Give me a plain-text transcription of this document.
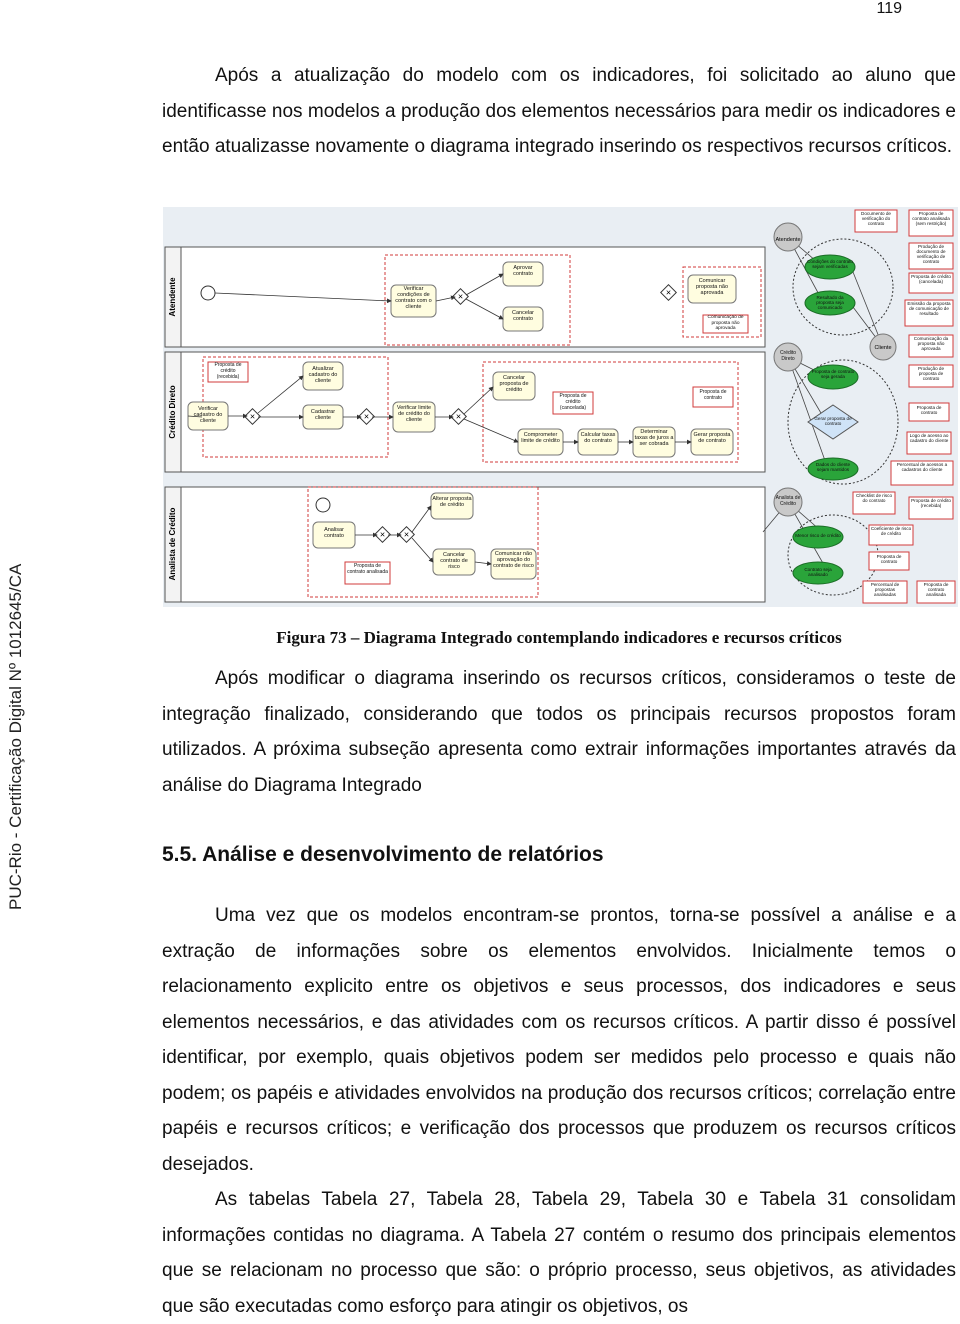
119
PUC-Rio - Certificação Digital Nº 1012645/CA

Após a atualização do modelo com os indicadores, foi solicitado ao aluno que identificasse nos modelos a produção dos elementos necessários para medir os indicadores e então atualizasse novamente o diagrama integrado inserindo os respectivos recursos críticos.

Atendente
Crédito Direto
Analista de Crédito
Verificar condições de contrato com o cliente
×
Aprovar contrato
Cancelar contrato
×
Comunicar proposta não aprovada
Comunicação de proposta não aprovada
Proposta de crédito (recebida)
Verificar cadastro do cliente	×
Atualizar cadastro do cliente
Cadastrar cliente	×
Verificar limite de crédito do cliente	×
Cancelar proposta de crédito
Proposta de crédito (cancelada)
Proposta de contrato
Comprometer limite de crédito
Calcular taxas do contrato
Determinar taxas de juros a ser cobrada
Gerar proposta de contrato
Analisar contrato	× ×
Alterar proposta de crédito
Cancelar contrato de risco
Comunicar não aprovação do contrato de risco
Proposta de contrato analisada
Atendente
Cliente
Crédito Direto
Analista de Crédito
Condições do contrato sejam verificadas
Resultado da proposta seja comunicado
Proposta de contrato seja gerada
Gerar proposta de contrato
Dados do cliente sejam mantidos
Menor risco de crédito
Contrato seja analisado
Documento de verificação do contrato
Proposta de contrato analisada (sem restrição)
Produção de documento de verificação de contrato
Proposta de crédito (cancelada)
Emissão da proposta de comunicação de resultado
Comunicação da proposta não aprovada
Produção de proposta de contrato
Proposta de contrato
Logo de acesso ao cadastro do cliente
Percentual de acessos a cadastros do cliente
Checklist de risco do contrato	Proposta de crédito (recebida)
Coeficiente de risco de crédito
Proposta de contrato
Percentual de propostas analisadas
Proposta de contrato analisada
Figura 73 – Diagrama Integrado contemplando indicadores e recursos críticos

Após modificar o diagrama inserindo os recursos críticos, consideramos o teste de integração finalizado, considerando que todos os principais recursos propostos foram utilizados. A próxima subseção apresenta como extrair informações importantes através da análise do Diagrama Integrado

5.5. Análise e desenvolvimento de relatórios

Uma vez que os modelos encontram-se prontos, torna-se possível a análise e a extração de informações sobre os elementos envolvidos. Inicialmente temos o relacionamento explicito entre os objetivos e seus processos, dos indicadores e seus elementos necessários, e das atividades com os recursos críticos. A partir disso é possível identificar, por exemplo, quais objetivos podem ser medidos pelo processo e quais não podem; os papéis e atividades envolvidos na produção dos recursos críticos; correlação entre papéis e recursos críticos; e verificação dos processos que produzem os recursos críticos desejados.

As tabelas Tabela 27, Tabela 28, Tabela 29, Tabela 30 e Tabela 31 consolidam informações contidas no diagrama. A Tabela 27 contém o resumo dos principais elementos que se relacionam no processo que são: o próprio processo, seus objetivos, as atividades que são executadas como esforço para atingir os objetivos, os
